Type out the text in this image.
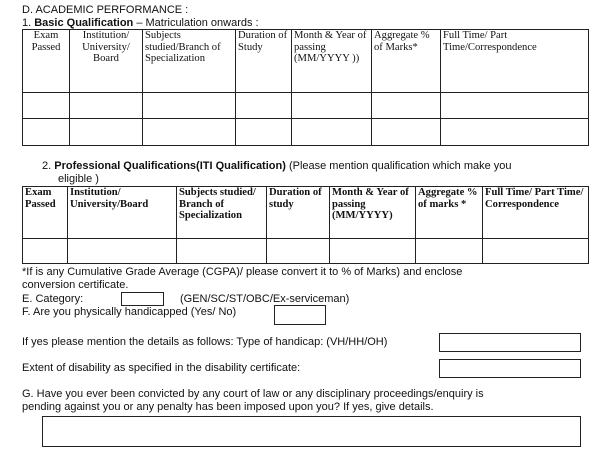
D. ACADEMIC PERFORMANCE :
1. Basic Qualification – Matriculation onwards :
Exam Passed	Institution/ University/ Board	Subjects studied/Branch of Specialization	Duration of Study	Month & Year of passing (MM/YYYY ))	Aggregate % of Marks*	Full Time/ Part Time/Correspondence

2. Professional Qualifications(ITI Qualification) (Please mention qualification which make you
eligible )
Exam Passed	Institution/ University/Board	Subjects studied/ Branch of Specialization	Duration of study	Month & Year of passing (MM/YYYY)	Aggregate % of marks *	Full Time/ Part Time/ Correspondence

*If is any Cumulative Grade Average (CGPA)/ please convert it to % of Marks) and enclose
conversion certificate.
E. Category:	(GEN/SC/ST/OBC/Ex-serviceman)
F. Are you physically handicapped (Yes/ No)
If yes please mention the details as follows: Type of handicap: (VH/HH/OH)
Extent of disability as specified in the disability certificate:
G. Have you ever been convicted by any court of law or any disciplinary proceedings/enquiry is
pending against you or any penalty has been imposed upon you? If yes, give details.
